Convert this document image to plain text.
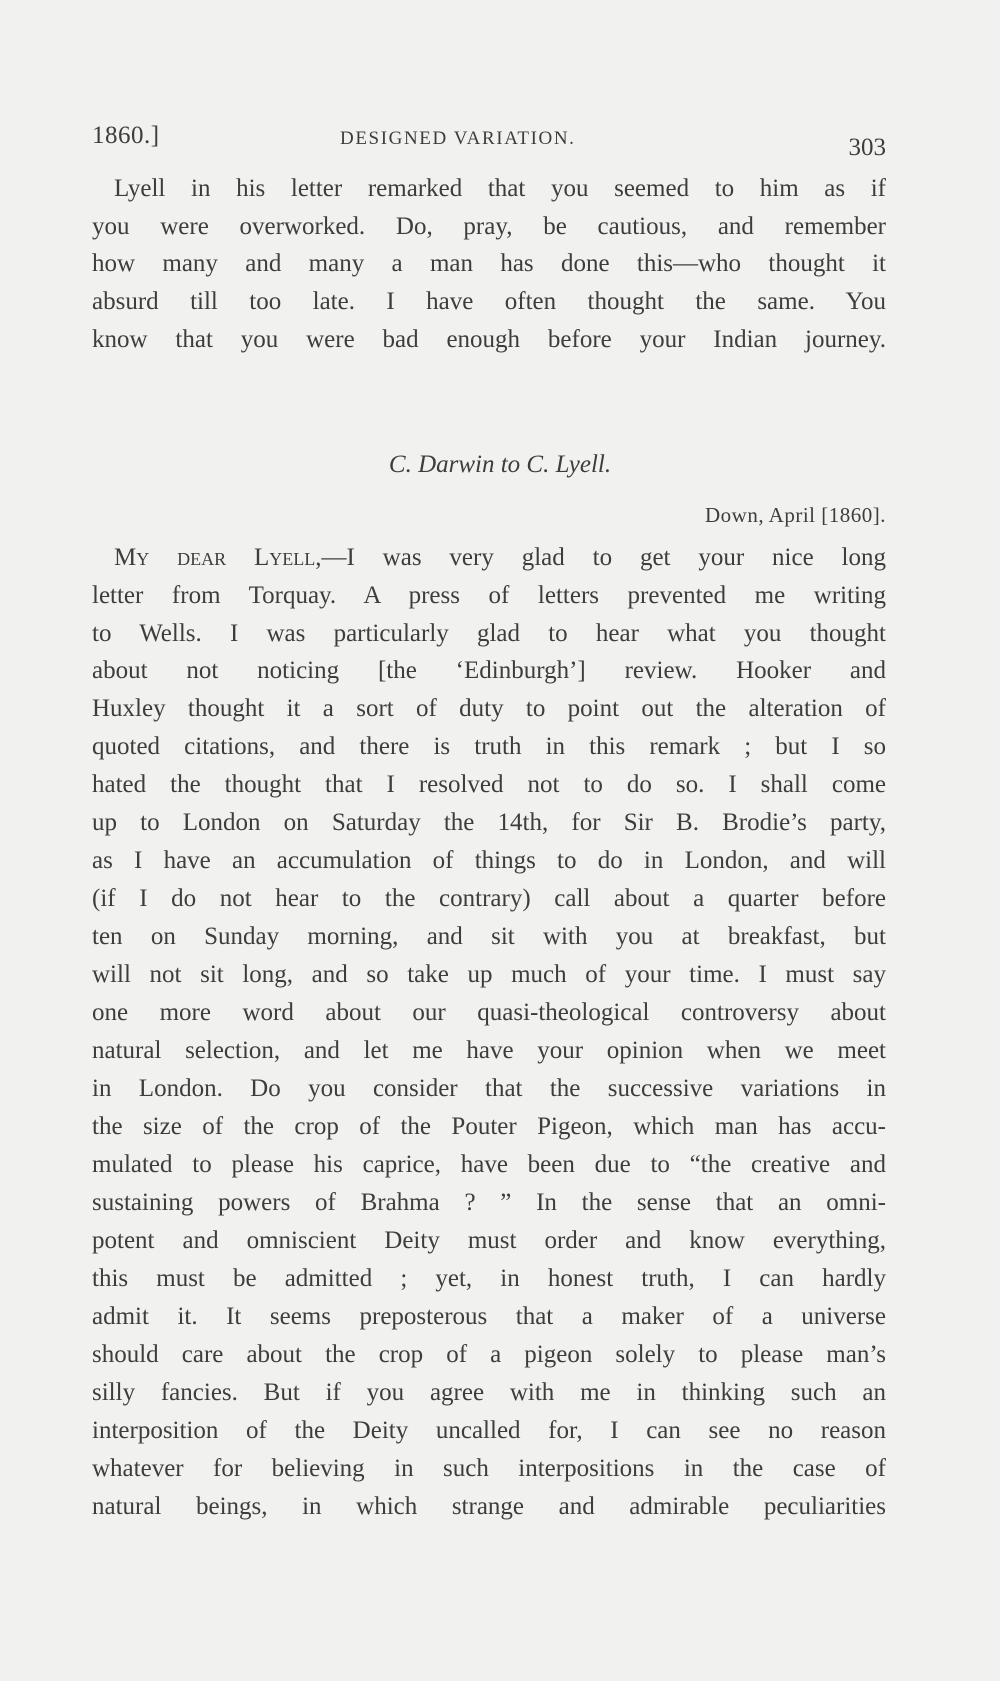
1860.]	DESIGNED VARIATION.	303
Lyell in his letter remarked that you seemed to him as if
you were overworked. Do, pray, be cautious, and remember
how many and many a man has done this—who thought it
absurd till too late. I have often thought the same. You
know that you were bad enough before your Indian journey.
C. Darwin to C. Lyell.
Down, April [1860].
My dear Lyell,—I was very glad to get your nice long
letter from Torquay. A press of letters prevented me writing
to Wells. I was particularly glad to hear what you thought
about not noticing [the ‘Edinburgh’] review. Hooker and
Huxley thought it a sort of duty to point out the alteration of
quoted citations, and there is truth in this remark ; but I so
hated the thought that I resolved not to do so. I shall come
up to London on Saturday the 14th, for Sir B. Brodie’s party,
as I have an accumulation of things to do in London, and will
(if I do not hear to the contrary) call about a quarter before
ten on Sunday morning, and sit with you at breakfast, but
will not sit long, and so take up much of your time. I must say
one more word about our quasi-theological controversy about
natural selection, and let me have your opinion when we meet
in London. Do you consider that the successive variations in
the size of the crop of the Pouter Pigeon, which man has accu-
mulated to please his caprice, have been due to “the creative and
sustaining powers of Brahma ? ” In the sense that an omni-
potent and omniscient Deity must order and know everything,
this must be admitted ; yet, in honest truth, I can hardly
admit it. It seems preposterous that a maker of a universe
should care about the crop of a pigeon solely to please man’s
silly fancies. But if you agree with me in thinking such an
interposition of the Deity uncalled for, I can see no reason
whatever for believing in such interpositions in the case of
natural beings, in which strange and admirable peculiarities
